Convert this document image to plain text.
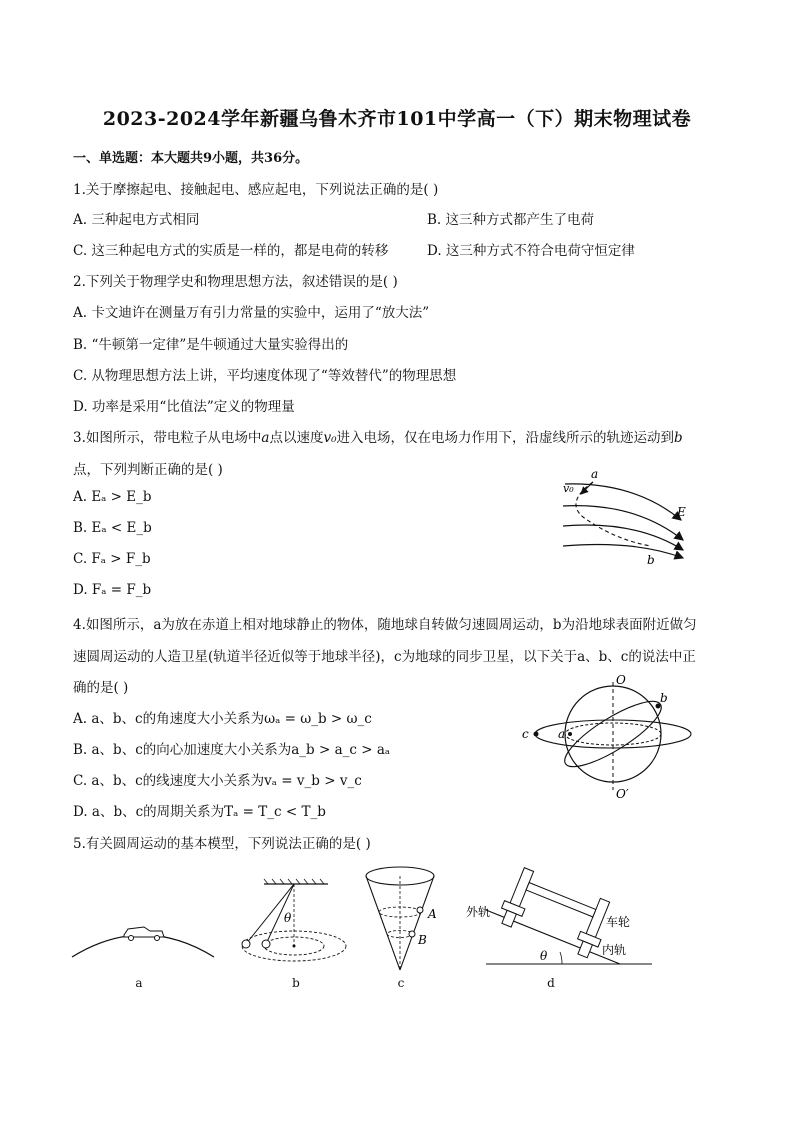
2023-2024学年新疆乌鲁木齐市101中学高一（下）期末物理试卷
一、单选题：本大题共9小题，共36分。
1.关于摩擦起电、接触起电、感应起电，下列说法正确的是( )
A. 三种起电方式相同	B. 这三种方式都产生了电荷
C. 这三种起电方式的实质是一样的，都是电荷的转移	D. 这三种方式不符合电荷守恒定律
2.下列关于物理学史和物理思想方法，叙述错误的是( )
A. 卡文迪许在测量万有引力常量的实验中，运用了“放大法”
B. “牛顿第一定律”是牛顿通过大量实验得出的
C. 从物理思想方法上讲，平均速度体现了“等效替代”的物理思想
D. 功率是采用“比值法”定义的物理量
3.如图所示，带电粒子从电场中a点以速度v₀进入电场，仅在电场力作用下，沿虚线所示的轨迹运动到b
点，下列判断正确的是( )
A. Eₐ > E_b
B. Eₐ < E_b
C. Fₐ > F_b
D. Fₐ = F_b
a
v₀
E
b
4.如图所示，a为放在赤道上相对地球静止的物体，随地球自转做匀速圆周运动，b为沿地球表面附近做匀
速圆周运动的人造卫星(轨道半径近似等于地球半径)，c为地球的同步卫星，以下关于a、b、c的说法中正
确的是( )
A. a、b、c的角速度大小关系为ωₐ = ω_b > ω_c
B. a、b、c的向心加速度大小关系为a_b > a_c > aₐ
C. a、b、c的线速度大小关系为vₐ = v_b > v_c
D. a、b、c的周期关系为Tₐ = T_c < T_b
O
O′
a
b
c
5.有关圆周运动的基本模型，下列说法正确的是( )
θ	A
B
外轨
车轮
内轨
θ
a	b	c	d
